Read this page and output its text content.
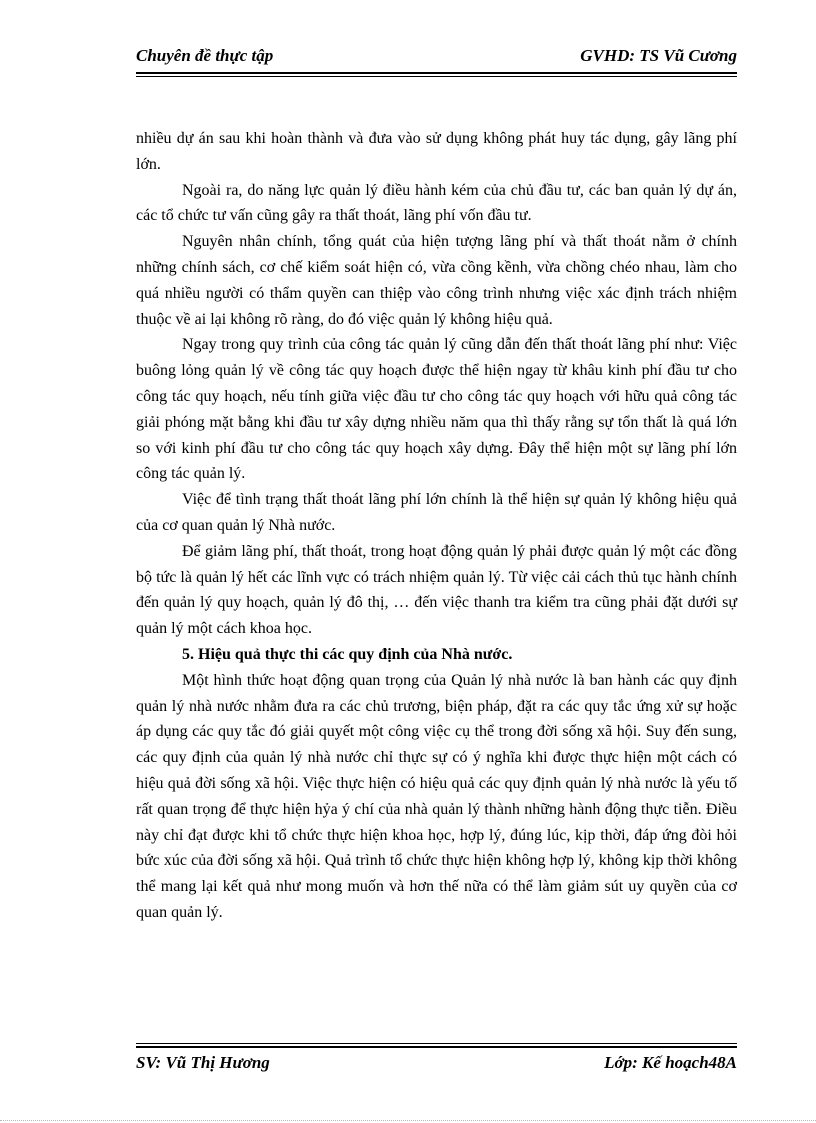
Chuyên đề thực tập	GVHD: TS Vũ Cương

nhiều dự án sau khi hoàn thành và đưa vào sử dụng không phát huy tác dụng, gây lãng phí lớn.

Ngoài ra, do năng lực quản lý điều hành kém của chủ đầu tư, các ban quản lý dự án, các tổ chức tư vấn cũng gây ra thất thoát, lãng phí vốn đầu tư.

Nguyên nhân chính, tổng quát của hiện tượng lãng phí và thất thoát nằm ở chính những chính sách, cơ chế kiểm soát hiện có, vừa cồng kềnh, vừa chồng chéo nhau, làm cho quá nhiều người có thẩm quyền can thiệp vào công trình nhưng việc xác định trách nhiệm thuộc về ai lại không rõ ràng, do đó việc quản lý không hiệu quả.

Ngay trong quy trình của công tác quản lý cũng dẫn đến thất thoát lãng phí như: Việc buông lỏng quản lý về công tác quy hoạch được thể hiện ngay từ khâu kinh phí đầu tư cho công tác quy hoạch, nếu tính giữa việc đầu tư cho công tác quy hoạch với hữu quả công tác giải phóng mặt bằng khi đầu tư xây dựng nhiều năm qua thì thấy rằng sự tổn thất là quá lớn so với kinh phí đầu tư cho công tác quy hoạch xây dựng. Đây thể hiện một sự lãng phí lớn công tác quản lý.

Việc để tình trạng thất thoát lãng phí lớn chính là thể hiện sự quản lý không hiệu quả của cơ quan quản lý Nhà nước.

Để giảm lãng phí, thất thoát, trong hoạt động quản lý phải được quản lý một các đồng bộ tức là quản lý hết các lĩnh vực có trách nhiệm quản lý. Từ việc cải cách thủ tục hành chính đến quản lý quy hoạch, quản lý đô thị, … đến việc thanh tra kiểm tra cũng phải đặt dưới sự quản lý một cách khoa học.

5. Hiệu quả thực thi các quy định của Nhà nước.

Một hình thức hoạt động quan trọng của Quản lý nhà nước là ban hành các quy định quản lý nhà nước nhằm đưa ra các chủ trương, biện pháp, đặt ra các quy tắc ứng xử sự hoặc áp dụng các quy tắc đó giải quyết một công việc cụ thể trong đời sống xã hội. Suy đến sung, các quy định của quản lý nhà nước chỉ thực sự có ý nghĩa khi được thực hiện một cách có hiệu quả đời sống xã hội. Việc thực hiện có hiệu quả các quy định quản lý nhà nước là yếu tố rất quan trọng để thực hiện hỷa ý chí của nhà quản lý thành những hành động thực tiễn. Điều này chỉ đạt được khi tổ chức thực hiện khoa học, hợp lý, đúng lúc, kịp thời, đáp ứng đòi hỏi bức xúc của đời sống xã hội. Quả trình tổ chức thực hiện không hợp lý, không kịp thời không thể mang lại kết quả như mong muốn và hơn thế nữa có thể làm giảm sút uy quyền của cơ quan quản lý.

SV: Vũ Thị Hương	Lớp: Kế hoạch48A
